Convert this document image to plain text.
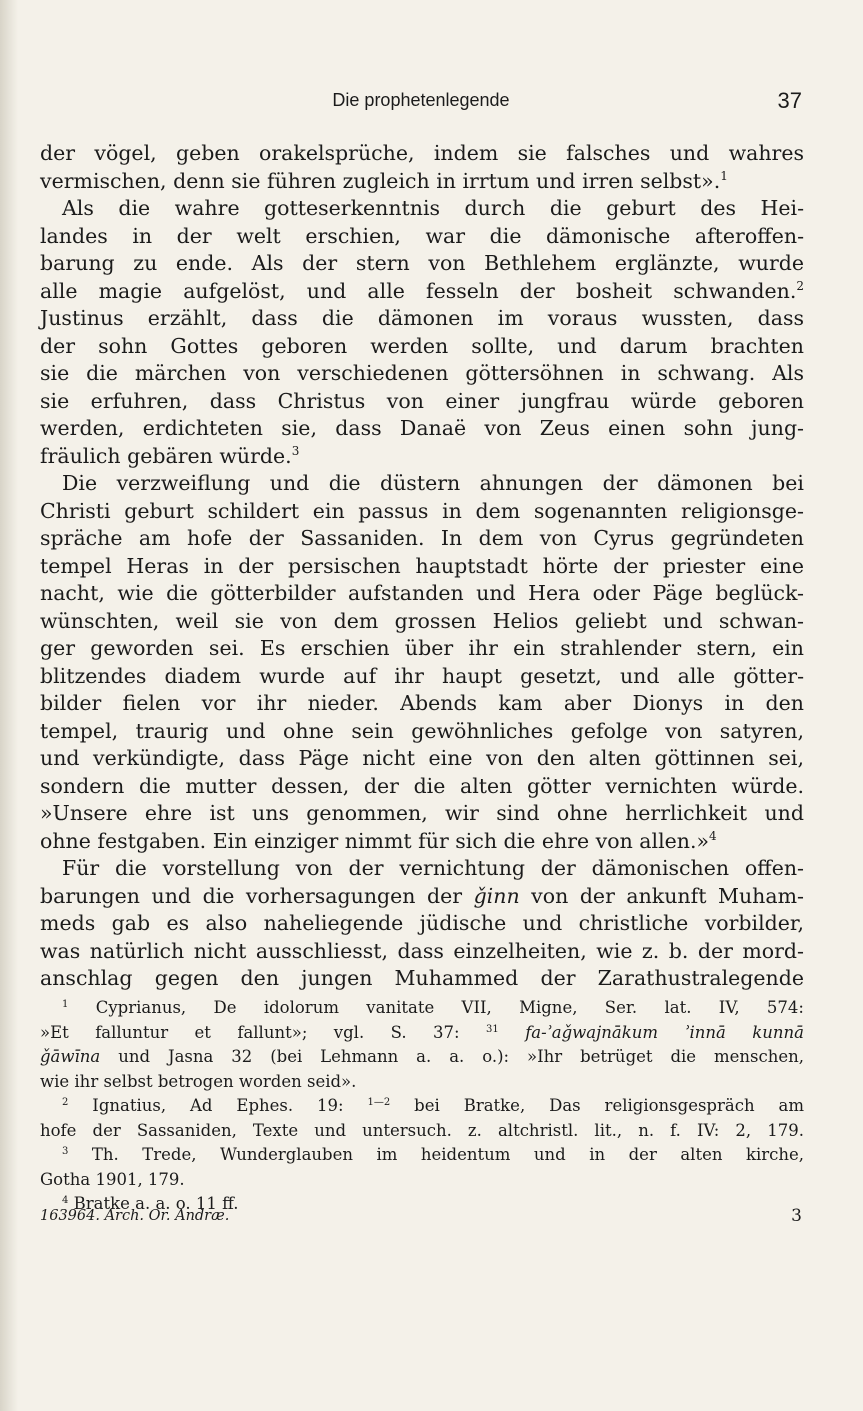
Die prophetenlegende	37
der vögel, geben orakelsprüche, indem sie falsches und wahres
vermischen, denn sie führen zugleich in irrtum und irren selbst».$^1$
Als die wahre gotteserkenntnis durch die geburt des Hei-
landes in der welt erschien, war die dämonische afteroffen-
barung zu ende. Als der stern von Bethlehem erglänzte, wurde
alle magie aufgelöst, und alle fesseln der bosheit schwanden.$^2$
Justinus erzählt, dass die dämonen im voraus wussten, dass
der sohn Gottes geboren werden sollte, und darum brachten
sie die märchen von verschiedenen göttersöhnen in schwang. Als
sie erfuhren, dass Christus von einer jungfrau würde geboren
werden, erdichteten sie, dass Danaë von Zeus einen sohn jung-
fräulich gebären würde.$^3$
Die verzweiflung und die düstern ahnungen der dämonen bei
Christi geburt schildert ein passus in dem sogenannten religionsge-
spräche am hofe der Sassaniden. In dem von Cyrus gegründeten
tempel Heras in der persischen hauptstadt hörte der priester eine
nacht, wie die götterbilder aufstanden und Hera oder Päge beglück-
wünschten, weil sie von dem grossen Helios geliebt und schwan-
ger geworden sei. Es erschien über ihr ein strahlender stern, ein
blitzendes diadem wurde auf ihr haupt gesetzt, und alle götter-
bilder fielen vor ihr nieder. Abends kam aber Dionys in den
tempel, traurig und ohne sein gewöhnliches gefolge von satyren,
und verkündigte, dass Päge nicht eine von den alten göttinnen sei,
sondern die mutter dessen, der die alten götter vernichten würde.
»Unsere ehre ist uns genommen, wir sind ohne herrlichkeit und
ohne festgaben. Ein einziger nimmt für sich die ehre von allen.»$^4$
Für die vorstellung von der vernichtung der dämonischen offen-
barungen und die vorhersagungen der ǧinn von der ankunft Muham-
meds gab es also naheliegende jüdische und christliche vorbilder,
was natürlich nicht ausschliesst, dass einzelheiten, wie z. b. der mord-
anschlag gegen den jungen Muhammed der Zarathustralegende
$^1$ Cyprianus, De idolorum vanitate VII, Migne, Ser. lat. IV, 574:
»Et falluntur et fallunt»; vgl. S. 37:	$^{31}$ fa-ʾaǧwajnākum ʾinnā kunnā
ǧāwīna und Jasna 32 (bei Lehmann a. a. o.): »Ihr betrüget die menschen,
wie ihr selbst betrogen worden seid».
$^2$ Ignatius, Ad Ephes. 19: $^{1—2}$ bei Bratke, Das religionsgespräch am
hofe der Sassaniden, Texte und untersuch. z. altchristl. lit., n. f. IV: 2, 179.
$^3$ Th. Trede, Wunderglauben im heidentum und in der alten kirche,
Gotha 1901, 179.
$^4$ Bratke a. a. o. 11 ff.
163964. Arch. Or. Andræ.	3
